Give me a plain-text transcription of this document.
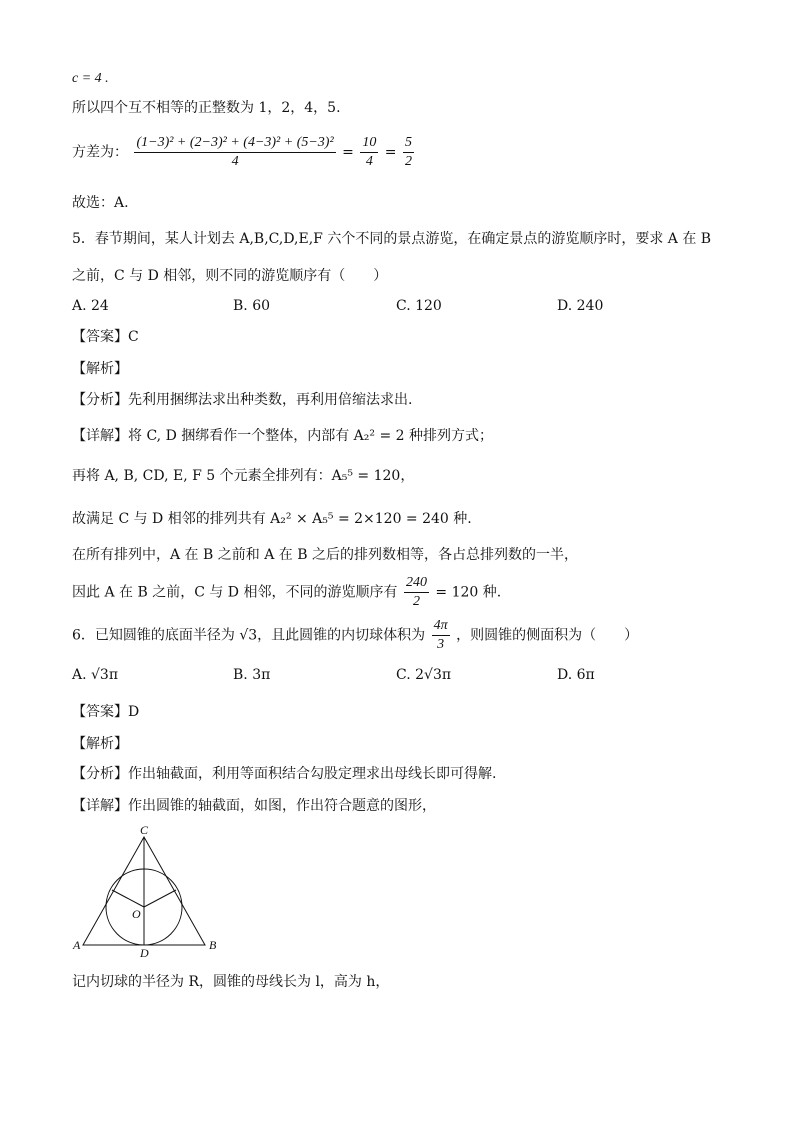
c = 4 .
所以四个互不相等的正整数为 1，2，4，5.
方差为： $\frac{\text{(1−3)² + (2−3)² + (4−3)² + (5−3)²}}{4} = \frac{10}{4} = \frac{5}{2}$
故选：A.
5．春节期间，某人计划去 A,B,C,D,E,F 六个不同的景点游览，在确定景点的游览顺序时，要求 A 在 B
之前，C 与 D 相邻，则不同的游览顺序有（　　）
A. 24	B. 60	C. 120	D. 240
【答案】C
【解析】
【分析】先利用捆绑法求出种类数，再利用倍缩法求出.
【详解】将 C, D 捆绑看作一个整体，内部有 A₂² = 2 种排列方式；
再将 A, B, CD, E, F 5 个元素全排列有：A₅⁵ = 120，
故满足 C 与 D 相邻的排列共有 A₂² × A₅⁵ = 2×120 = 240 种.
在所有排列中，A 在 B 之前和 A 在 B 之后的排列数相等，各占总排列数的一半，
因此 A 在 B 之前，C 与 D 相邻，不同的游览顺序有 $\frac{240}{2} = 120$ 种.
6．已知圆锥的底面半径为 √3，且此圆锥的内切球体积为 $\frac{4\pi}{3}$ ，则圆锥的侧面积为（　　）
A. √3π	B. 3π	C. 2√3π	D. 6π
【答案】D
【解析】
【分析】作出轴截面，利用等面积结合勾股定理求出母线长即可得解.
【详解】作出圆锥的轴截面，如图，作出符合题意的图形，
C
O
A
D
B
记内切球的半径为 R，圆锥的母线长为 l，高为 h，
